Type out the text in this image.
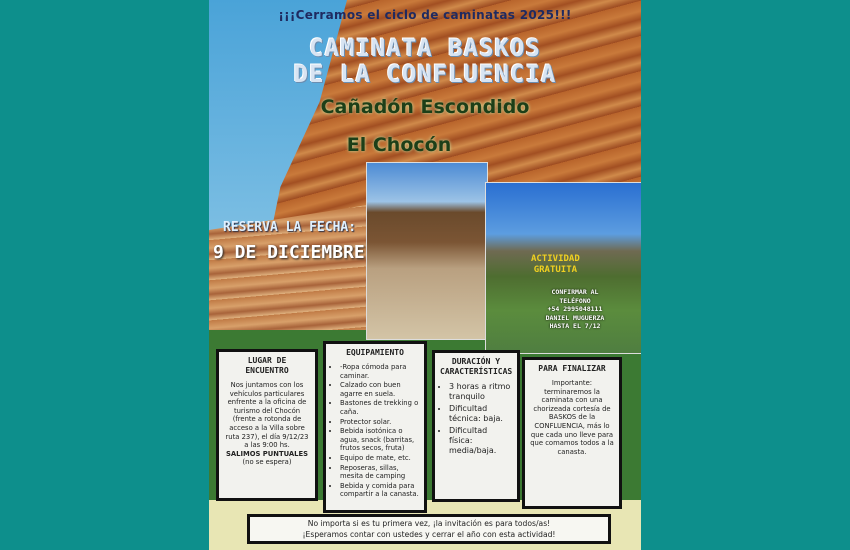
¡¡¡Cerramos el ciclo de caminatas 2025!!!
CAMINATA BASKOS
DE LA CONFLUENCIA
Cañadón Escondido
El Chocón
RESERVA LA FECHA:
9 DE DICIEMBRE	ACTIVIDAD
GRATUITA
CONFIRMAR AL
TELÉFONO
+54 2995048111
DANIEL MUGUERZA
HASTA EL 7/12
LUGAR DE ENCUENTRO
Nos juntamos con los vehículos particulares enfrente a la oficina de turismo del Chocón (frente a rotonda de acceso a la Villa sobre ruta 237), el día 9/12/23 a las 9:00 hs.
SALIMOS PUNTUALES
(no se espera)
EQUIPAMIENTO
• -Ropa cómoda para caminar.
• Calzado con buen agarre en suela.
• Bastones de trekking o caña.
• Protector solar.
• Bebida isotónica o agua, snack (barritas, frutos secos, fruta)
• Equipo de mate, etc.
• Reposeras, sillas, mesita de camping
• Bebida y comida para compartir a la canasta.
DURACIÓN Y CARACTERÍSTICAS
• 3 horas a ritmo tranquilo
• Dificultad técnica: baja.
• Dificultad física: media/baja.
PARA FINALIZAR
Importante: terminaremos la caminata con una chorizeada cortesía de BASKOS de la CONFLUENCIA, más lo que cada uno lleve para que comamos todos a la canasta.
No importa si es tu primera vez, ¡la invitación es para todos/as!
¡Esperamos contar con ustedes y cerrar el año con esta actividad!
